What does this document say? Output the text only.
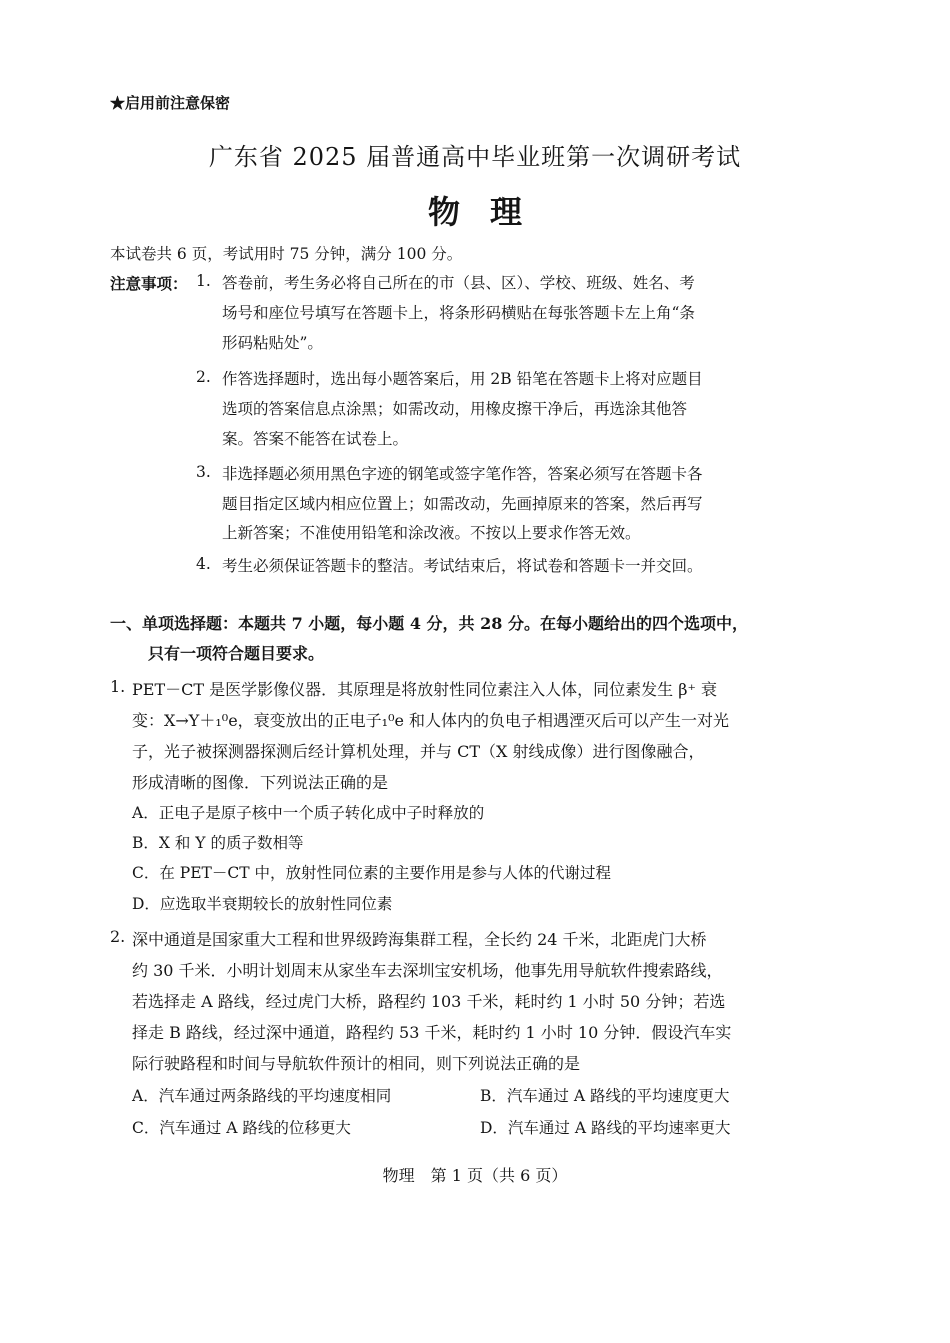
★启用前注意保密
广东省 2025 届普通高中毕业班第一次调研考试
物理
本试卷共 6 页，考试用时 75 分钟，满分 100 分。
注意事项： 1. 答卷前，考生务必将自己所在的市（县、区）、学校、班级、姓名、考
场号和座位号填写在答题卡上，将条形码横贴在每张答题卡左上角“条
形码粘贴处”。
2. 作答选择题时，选出每小题答案后，用 2B 铅笔在答题卡上将对应题目
选项的答案信息点涂黑；如需改动，用橡皮擦干净后，再选涂其他答
案。答案不能答在试卷上。
3. 非选择题必须用黑色字迹的钢笔或签字笔作答，答案必须写在答题卡各
题目指定区域内相应位置上；如需改动，先画掉原来的答案，然后再写
上新答案；不准使用铅笔和涂改液。不按以上要求作答无效。
4. 考生必须保证答题卡的整洁。考试结束后，将试卷和答题卡一并交回。
一、单项选择题：本题共 7 小题，每小题 4 分，共 28 分。在每小题给出的四个选项中，
只有一项符合题目要求。
1. PET－CT 是医学影像仪器．其原理是将放射性同位素注入人体，同位素发生 β⁺ 衰
变：X→Y＋₁⁰e，衰变放出的正电子₁⁰e 和人体内的负电子相遇湮灭后可以产生一对光
子，光子被探测器探测后经计算机处理，并与 CT（X 射线成像）进行图像融合，
形成清晰的图像．下列说法正确的是
A．正电子是原子核中一个质子转化成中子时释放的
B．X 和 Y 的质子数相等
C．在 PET－CT 中，放射性同位素的主要作用是参与人体的代谢过程
D．应选取半衰期较长的放射性同位素
2. 深中通道是国家重大工程和世界级跨海集群工程，全长约 24 千米，北距虎门大桥
约 30 千米．小明计划周末从家坐车去深圳宝安机场，他事先用导航软件搜索路线，
若选择走 A 路线，经过虎门大桥，路程约 103 千米，耗时约 1 小时 50 分钟；若选
择走 B 路线，经过深中通道，路程约 53 千米，耗时约 1 小时 10 分钟．假设汽车实
际行驶路程和时间与导航软件预计的相同，则下列说法正确的是
A．汽车通过两条路线的平均速度相同	B．汽车通过 A 路线的平均速度更大
C．汽车通过 A 路线的位移更大	D．汽车通过 A 路线的平均速率更大
物理　第 1 页（共 6 页）
